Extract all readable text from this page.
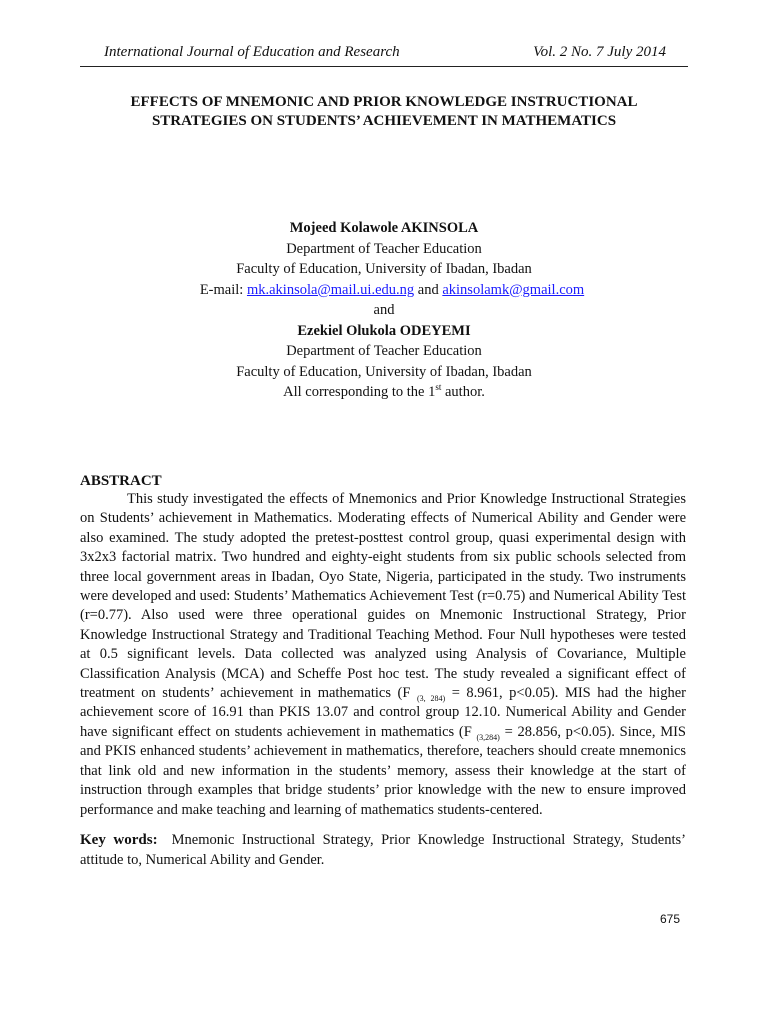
International Journal of Education and Research	Vol. 2 No. 7 July 2014
EFFECTS OF MNEMONIC AND PRIOR KNOWLEDGE INSTRUCTIONAL
STRATEGIES ON STUDENTS’ ACHIEVEMENT IN MATHEMATICS
Mojeed Kolawole AKINSOLA
Department of Teacher Education
Faculty of Education, University of Ibadan, Ibadan
E-mail: mk.akinsola@mail.ui.edu.ng and akinsolamk@gmail.com
and
Ezekiel Olukola ODEYEMI
Department of Teacher Education
Faculty of Education, University of Ibadan, Ibadan
All corresponding to the 1st author.
ABSTRACT
This study investigated the effects of Mnemonics and Prior Knowledge Instructional Strategies on Students’ achievement in Mathematics. Moderating effects of Numerical Ability and Gender were also examined. The study adopted the pretest-posttest control group, quasi experimental design with 3x2x3 factorial matrix. Two hundred and eighty-eight students from six public schools selected from three local government areas in Ibadan, Oyo State, Nigeria, participated in the study. Two instruments were developed and used: Students’ Mathematics Achievement Test (r=0.75) and Numerical Ability Test (r=0.77). Also used were three operational guides on Mnemonic Instructional Strategy, Prior Knowledge Instructional Strategy and Traditional Teaching Method. Four Null hypotheses were tested at 0.5 significant levels. Data collected was analyzed using Analysis of Covariance, Multiple Classification Analysis (MCA) and Scheffe Post hoc test. The study revealed a significant effect of treatment on students’ achievement in mathematics (F $_{(3, 284)}$ = 8.961, p<0.05). MIS had the higher achievement score of 16.91 than PKIS 13.07 and control group 12.10. Numerical Ability and Gender have significant effect on students achievement in mathematics (F $_{(3,284)}$ = 28.856, p<0.05). Since, MIS and PKIS enhanced students’ achievement in mathematics, therefore, teachers should create mnemonics that link old and new information in the students’ memory, assess their knowledge at the start of instruction through examples that bridge students’ prior knowledge with the new to ensure improved performance and make teaching and learning of mathematics students-centered.
Key words: Mnemonic Instructional Strategy, Prior Knowledge Instructional Strategy, Students’ attitude to, Numerical Ability and Gender.
675
